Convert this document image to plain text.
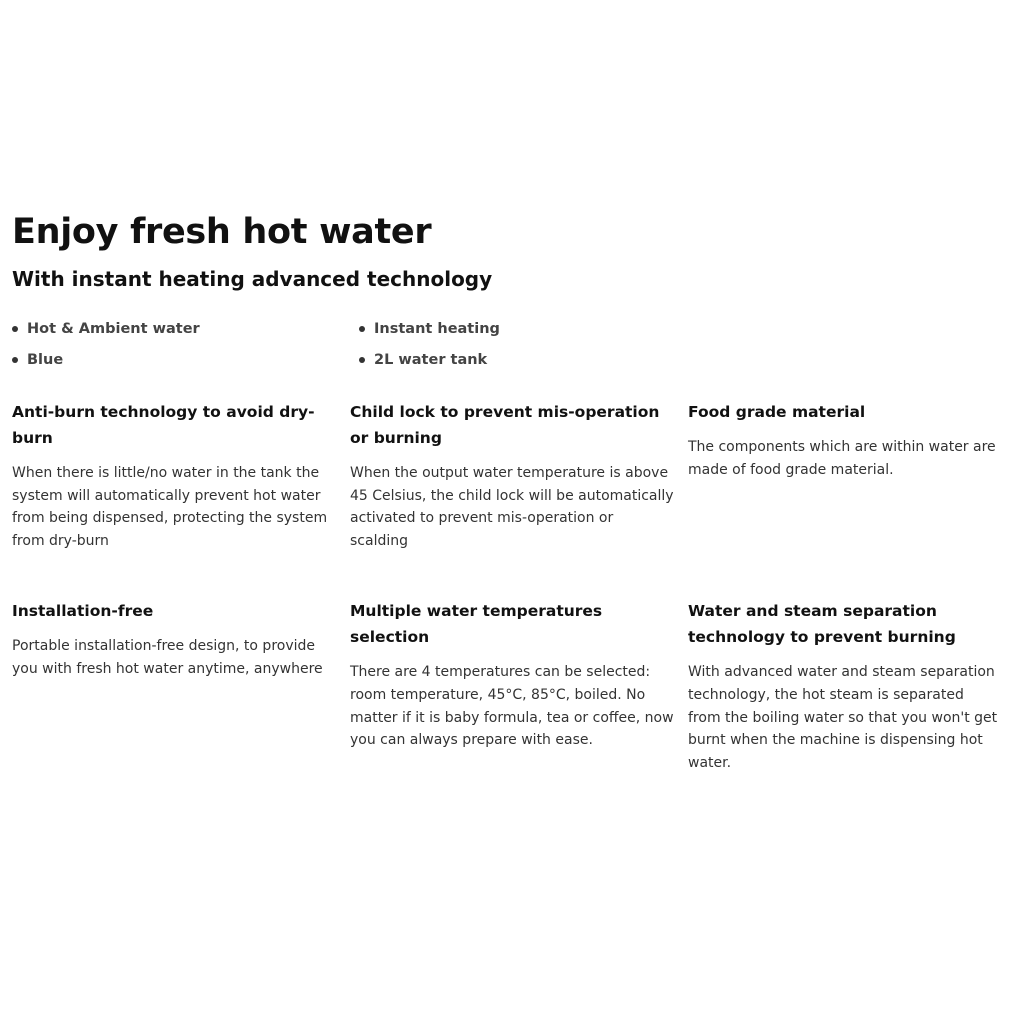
Enjoy fresh hot water
With instant heating advanced technology
Hot & Ambient water	Instant heating
Blue	2L water tank
Anti-burn technology to avoid dry-burn

When there is little/no water in the tank the system will automatically prevent hot water from being dispensed, protecting the system from dry-burn

Child lock to prevent mis-operation or burning

When the output water temperature is above 45 Celsius, the child lock will be automatically activated to prevent mis-operation or scalding

Food grade material

The components which are within water are made of food grade material.

Installation-free

Portable installation-free design, to provide you with fresh hot water anytime, anywhere

Multiple water temperatures selection

There are 4 temperatures can be selected: room temperature, 45°C, 85°C, boiled. No matter if it is baby formula, tea or coffee, now you can always prepare with ease.

Water and steam separation technology to prevent burning

With advanced water and steam separation technology, the hot steam is separated from the boiling water so that you won't get burnt when the machine is dispensing hot water.
